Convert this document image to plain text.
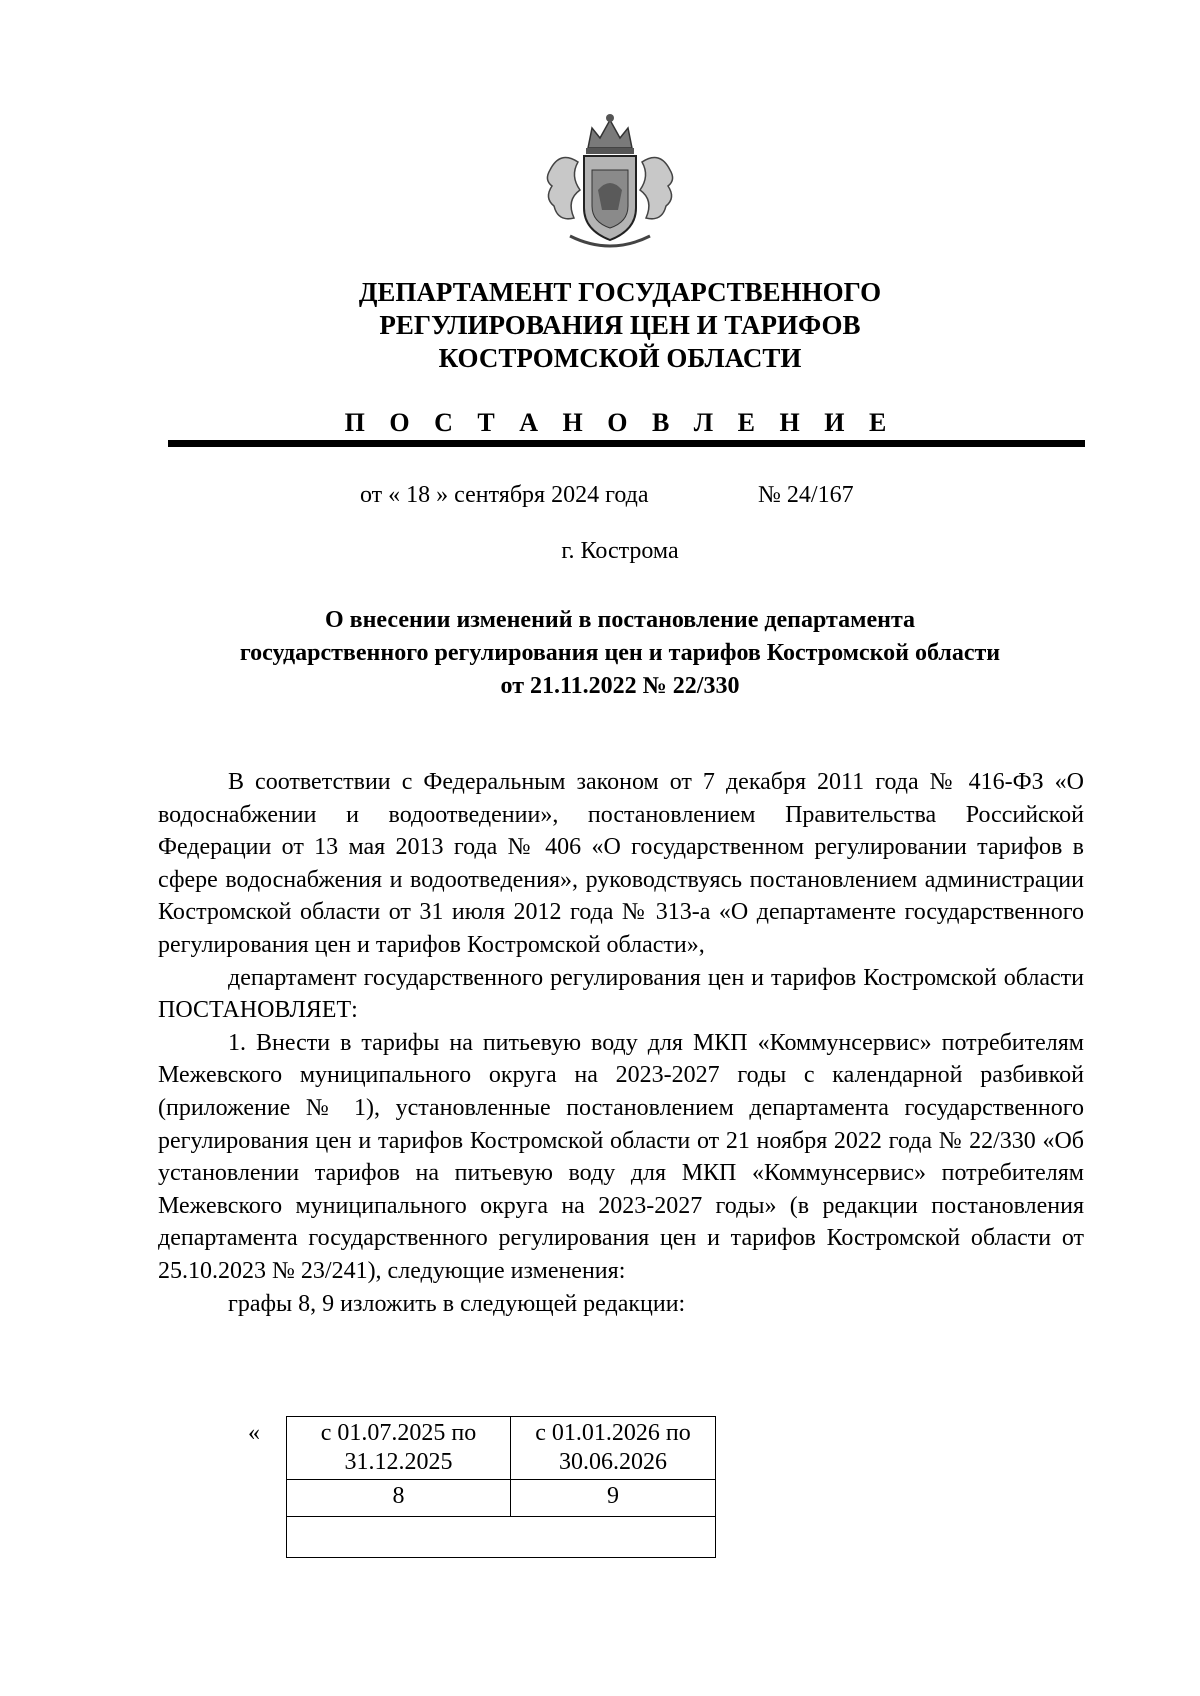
ДЕПАРТАМЕНТ ГОСУДАРСТВЕННОГО
РЕГУЛИРОВАНИЯ ЦЕН И ТАРИФОВ
КОСТРОМСКОЙ ОБЛАСТИ
П О С Т А Н О В Л Е Н И Е
от « 18 » сентября 2024 года	№ 24/167
г. Кострома
О внесении изменений в постановление департамента
государственного регулирования цен и тарифов Костромской области
от 21.11.2022 № 22/330

В соответствии с Федеральным законом от 7 декабря 2011 года № 416-ФЗ «О водоснабжении и водоотведении», постановлением Правительства Российской Федерации от 13 мая 2013 года № 406 «О государственном регулировании тарифов в сфере водоснабжения и водоотведения», руководствуясь постановлением администрации Костромской области от 31 июля 2012 года № 313-а «О департаменте государственного регулирования цен и тарифов Костромской области»,

департамент государственного регулирования цен и тарифов Костромской области ПОСТАНОВЛЯЕТ:

1. Внести в тарифы на питьевую воду для МКП «Коммунсервис» потребителям Межевского муниципального округа на 2023-2027 годы с календарной разбивкой (приложение № 1), установленные постановлением департамента государственного регулирования цен и тарифов Костромской области от 21 ноября 2022 года № 22/330 «Об установлении тарифов на питьевую воду для МКП «Коммунсервис» потребителям Межевского муниципального округа на 2023-2027 годы» (в редакции постановления департамента государственного регулирования цен и тарифов Костромской области от 25.10.2023 № 23/241), следующие изменения:

графы 8, 9 изложить в следующей редакции:

«	с 01.07.2025 по 31.12.2025	с 01.01.2026 по 30.06.2026
8	9
